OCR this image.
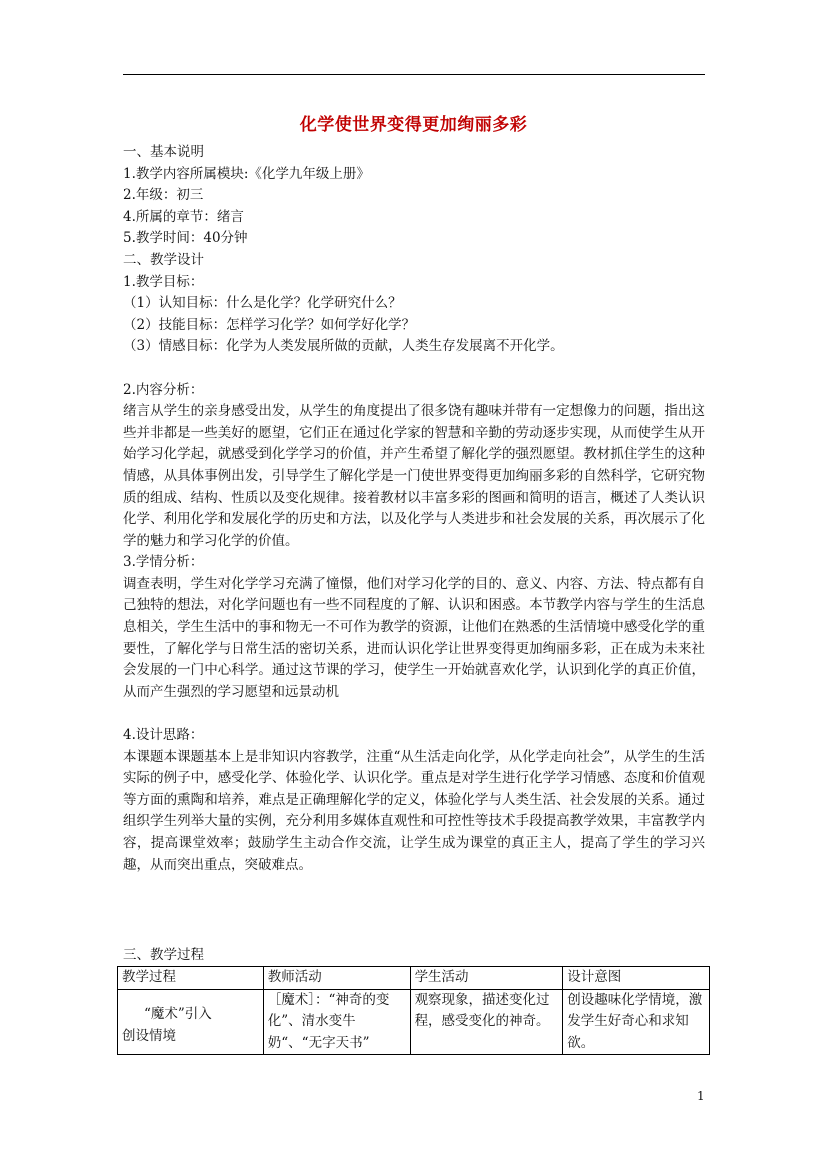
化学使世界变得更加绚丽多彩
一、基本说明
1.教学内容所属模块:《化学九年级上册》
2.年级：初三
4.所属的章节：绪言
5.教学时间：40分钟
二、教学设计
1.教学目标：
（1）认知目标：什么是化学？化学研究什么？
（2）技能目标：怎样学习化学？如何学好化学？
（3）情感目标：化学为人类发展所做的贡献，人类生存发展离不开化学。
2.内容分析：
绪言从学生的亲身感受出发，从学生的角度提出了很多饶有趣味并带有一定想像力的问题，指出这些并非都是一些美好的愿望，它们正在通过化学家的智慧和辛勤的劳动逐步实现，从而使学生从开始学习化学起，就感受到化学学习的价值，并产生希望了解化学的强烈愿望。教材抓住学生的这种情感，从具体事例出发，引导学生了解化学是一门使世界变得更加绚丽多彩的自然科学，它研究物质的组成、结构、性质以及变化规律。接着教材以丰富多彩的图画和简明的语言，概述了人类认识化学、利用化学和发展化学的历史和方法，以及化学与人类进步和社会发展的关系，再次展示了化学的魅力和学习化学的价值。
3.学情分析：
调查表明，学生对化学学习充满了憧憬，他们对学习化学的目的、意义、内容、方法、特点都有自己独特的想法，对化学问题也有一些不同程度的了解、认识和困惑。本节教学内容与学生的生活息息相关，学生生活中的事和物无一不可作为教学的资源，让他们在熟悉的生活情境中感受化学的重要性，了解化学与日常生活的密切关系，进而认识化学让世界变得更加绚丽多彩，正在成为未来社会发展的一门中心科学。通过这节课的学习，使学生一开始就喜欢化学，认识到化学的真正价值，从而产生强烈的学习愿望和远景动机
4.设计思路：
本课题本课题基本上是非知识内容教学，注重“从生活走向化学，从化学走向社会”，从学生的生活实际的例子中，感受化学、体验化学、认识化学。重点是对学生进行化学学习情感、态度和价值观等方面的熏陶和培养，难点是正确理解化学的定义，体验化学与人类生活、社会发展的关系。通过组织学生列举大量的实例，充分利用多媒体直观性和可控性等技术手段提高教学效果，丰富教学内容，提高课堂效率；鼓励学生主动合作交流，让学生成为课堂的真正主人，提高了学生的学习兴趣，从而突出重点，突破难点。
三、教学过程
教学过程	教师活动	学生活动	设计意图

“魔术”引入
创设情境	［魔术］：“神奇的变化”、清水变牛奶“、“无字天书”	观察现象，描述变化过程，感受变化的神奇。	创设趣味化学情境，激发学生好奇心和求知欲。
1
